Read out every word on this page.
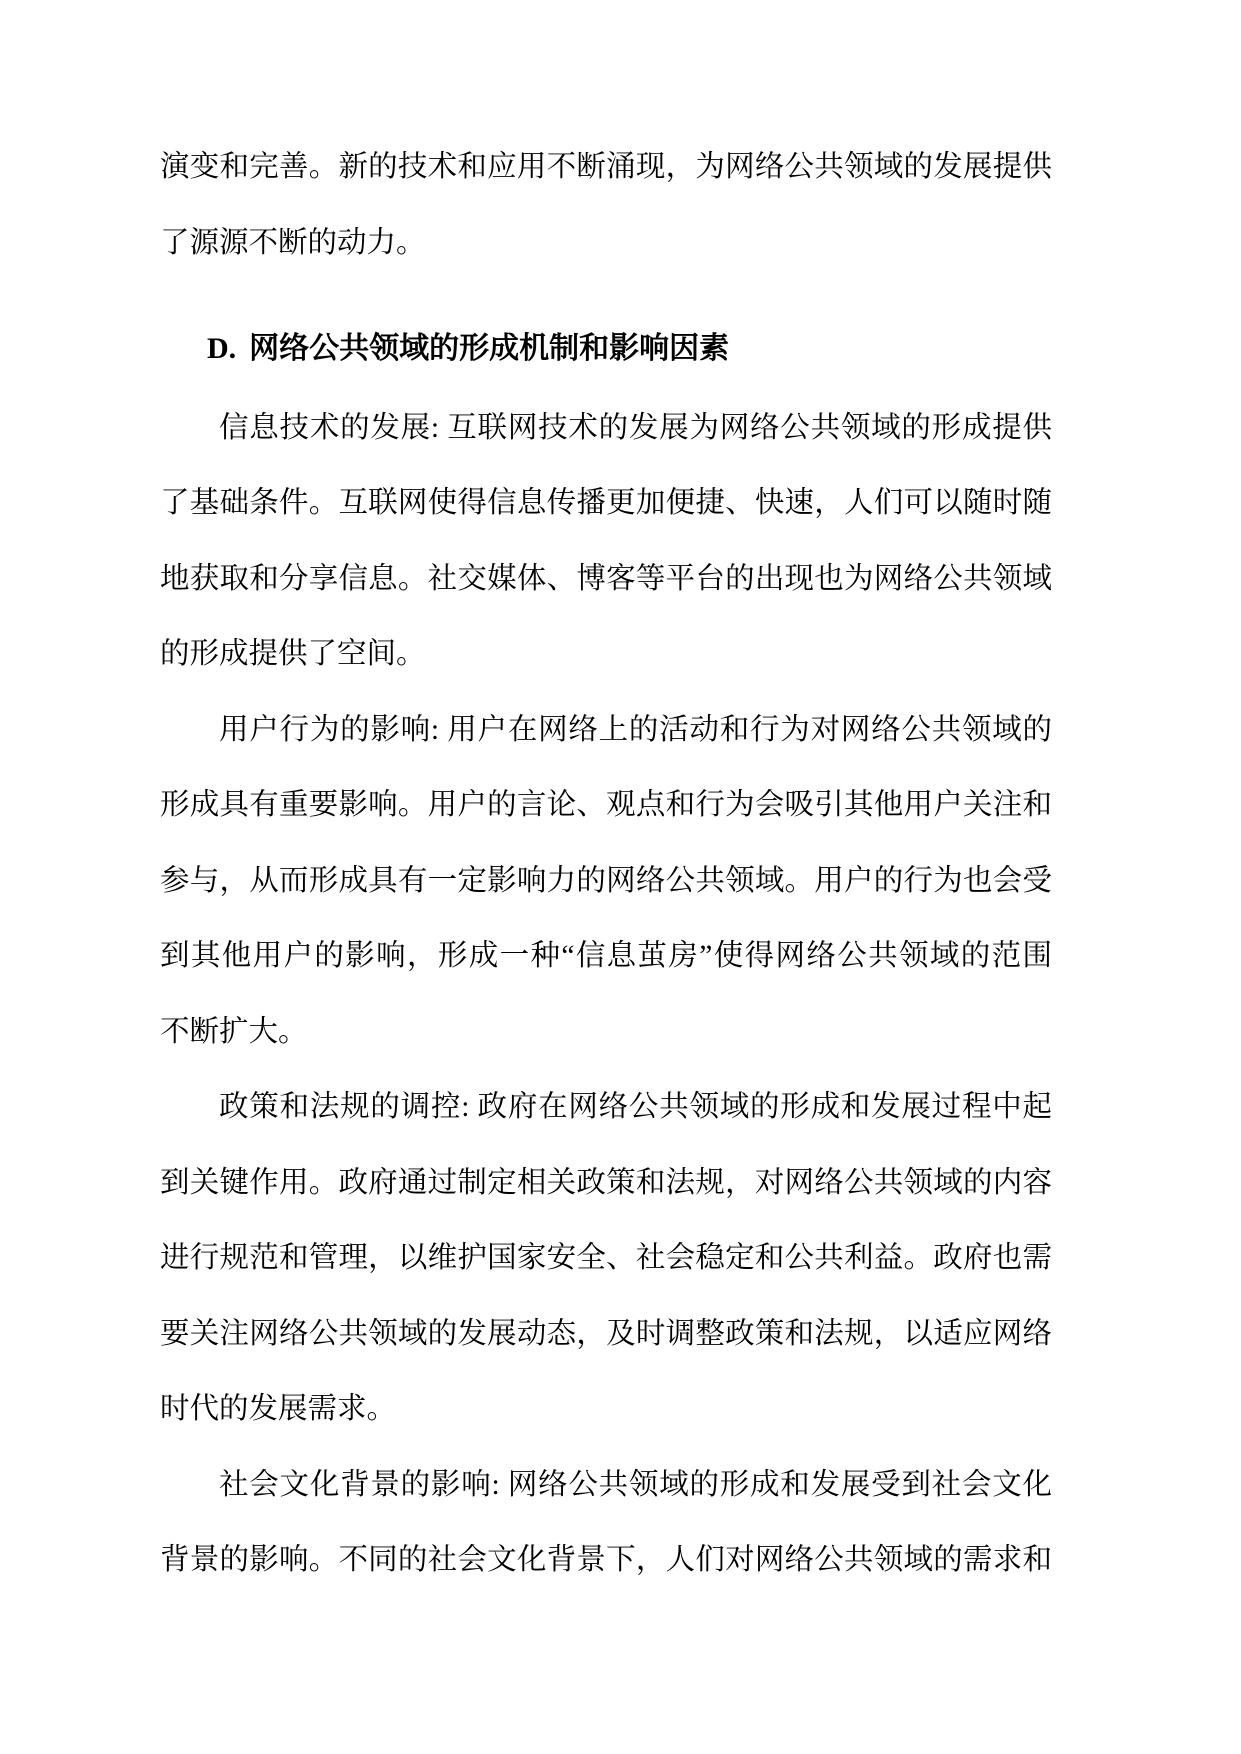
演变和完善。新的技术和应用不断涌现，为网络公共领域的发展提供
了源源不断的动力。
D. 网络公共领域的形成机制和影响因素
信息技术的发展: 互联网技术的发展为网络公共领域的形成提供
了基础条件。互联网使得信息传播更加便捷、快速，人们可以随时随
地获取和分享信息。社交媒体、博客等平台的出现也为网络公共领域
的形成提供了空间。
用户行为的影响: 用户在网络上的活动和行为对网络公共领域的
形成具有重要影响。用户的言论、观点和行为会吸引其他用户关注和
参与，从而形成具有一定影响力的网络公共领域。用户的行为也会受
到其他用户的影响，形成一种“信息茧房”使得网络公共领域的范围
不断扩大。
政策和法规的调控: 政府在网络公共领域的形成和发展过程中起
到关键作用。政府通过制定相关政策和法规，对网络公共领域的内容
进行规范和管理，以维护国家安全、社会稳定和公共利益。政府也需
要关注网络公共领域的发展动态，及时调整政策和法规，以适应网络
时代的发展需求。
社会文化背景的影响: 网络公共领域的形成和发展受到社会文化
背景的影响。不同的社会文化背景下，人们对网络公共领域的需求和
